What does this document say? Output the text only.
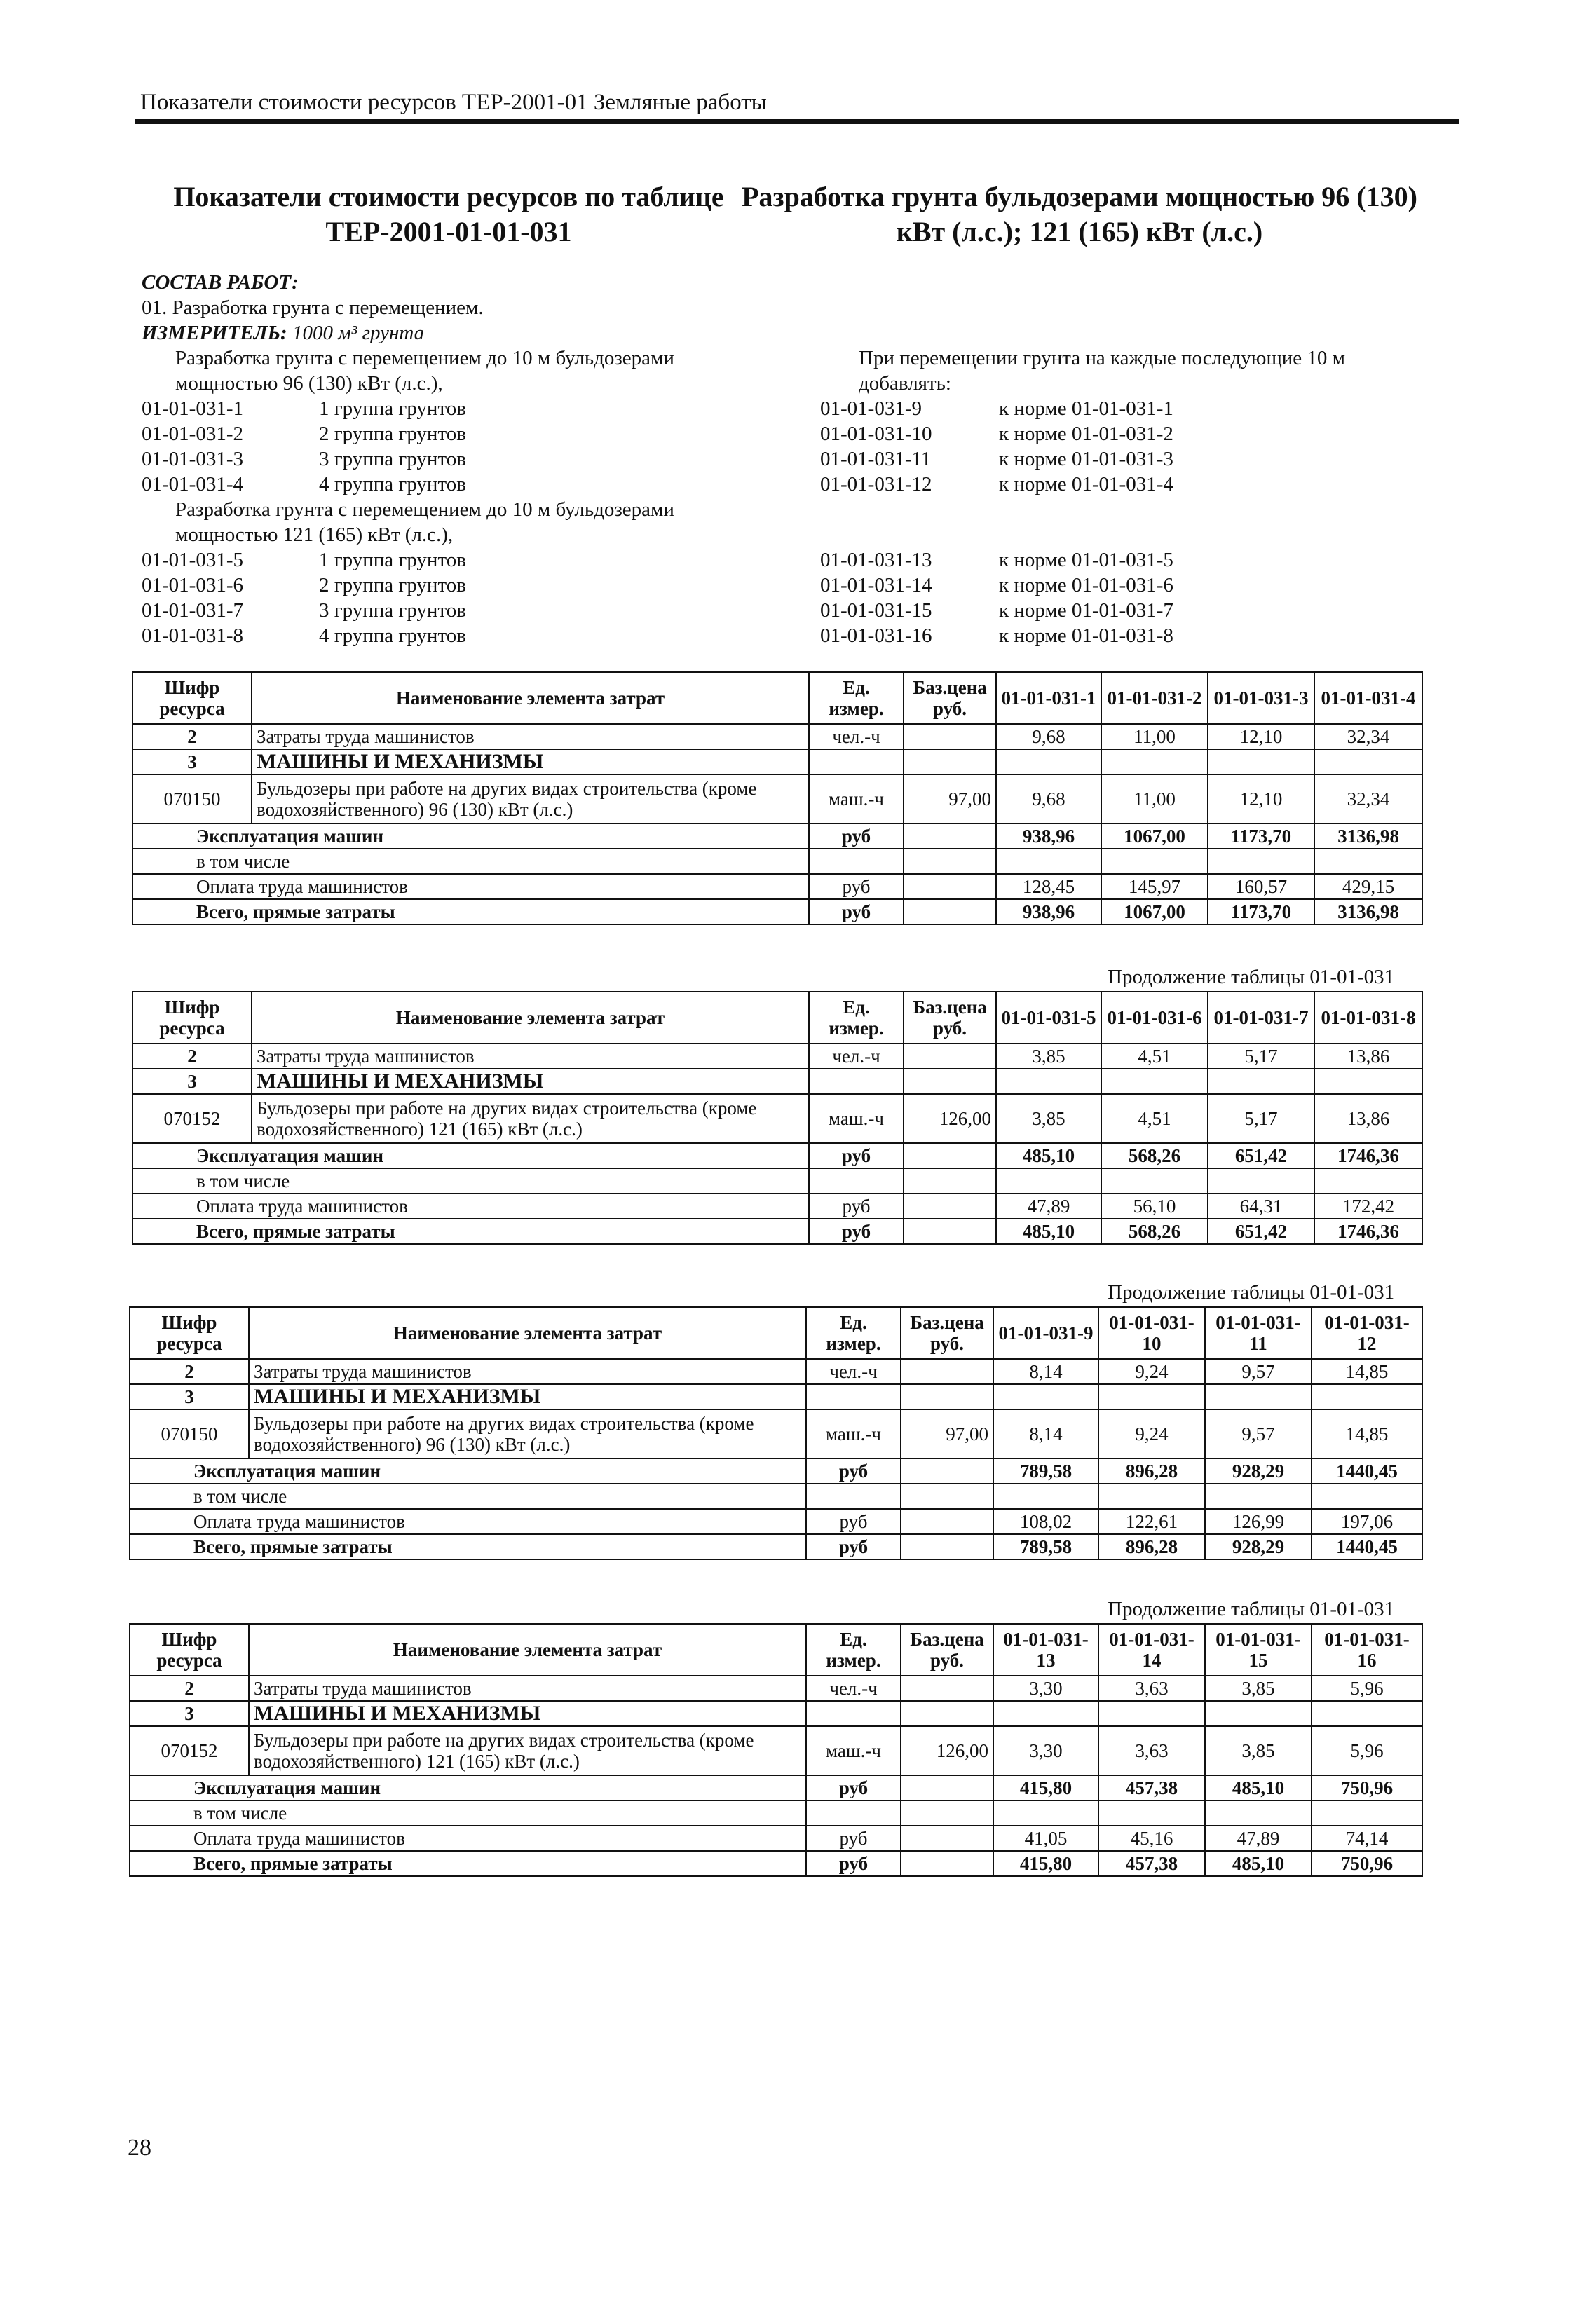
Показатели стоимости ресурсов ТЕР-2001-01 Земляные работы
Показатели стоимости ресурсов по таблице ТЕР-2001-01-01-031
Разработка грунта бульдозерами мощностью 96 (130) кВт (л.с.); 121 (165) кВт (л.с.)
СОСТАВ РАБОТ:
01. Разработка грунта с перемещением.
ИЗМЕРИТЕЛЬ: 1000 м³ грунта
Разработка грунта с перемещением до 10 м бульдозерами
мощностью 96 (130) кВт (л.с.),
01-01-031-1	1 группа грунтов
01-01-031-2	2 группа грунтов
01-01-031-3	3 группа грунтов
01-01-031-4	4 группа грунтов
Разработка грунта с перемещением до 10 м бульдозерами
мощностью 121 (165) кВт (л.с.),
01-01-031-5	1 группа грунтов
01-01-031-6	2 группа грунтов
01-01-031-7	3 группа грунтов
01-01-031-8	4 группа грунтов
При перемещении грунта на каждые последующие 10 м
добавлять:
01-01-031-9	к норме 01-01-031-1
01-01-031-10	к норме 01-01-031-2
01-01-031-11	к норме 01-01-031-3
01-01-031-12	к норме 01-01-031-4
01-01-031-13	к норме 01-01-031-5
01-01-031-14	к норме 01-01-031-6
01-01-031-15	к норме 01-01-031-7
01-01-031-16	к норме 01-01-031-8
Шифр ресурса	Наименование элемента затрат	Ед. измер.	Баз.цена руб.	01-01-031-1	01-01-031-2	01-01-031-3	01-01-031-4
2	Затраты труда машинистов	чел.-ч		9,68	11,00	12,10	32,34
3	МАШИНЫ И МЕХАНИЗМЫ						
070150	Бульдозеры при работе на других видах строительства (кроме водохозяйственного) 96 (130) кВт (л.с.)	маш.-ч	97,00	9,68	11,00	12,10	32,34
Эксплуатация машин		руб		938,96	1067,00	1173,70	3136,98
в том числе							
Оплата труда машинистов		руб		128,45	145,97	160,57	429,15
Всего, прямые затраты		руб		938,96	1067,00	1173,70	3136,98
Продолжение таблицы 01-01-031
Шифр ресурса	Наименование элемента затрат	Ед. измер.	Баз.цена руб.	01-01-031-5	01-01-031-6	01-01-031-7	01-01-031-8
2	Затраты труда машинистов	чел.-ч		3,85	4,51	5,17	13,86
3	МАШИНЫ И МЕХАНИЗМЫ						
070152	Бульдозеры при работе на других видах строительства (кроме водохозяйственного) 121 (165) кВт (л.с.)	маш.-ч	126,00	3,85	4,51	5,17	13,86
Эксплуатация машин		руб		485,10	568,26	651,42	1746,36
в том числе							
Оплата труда машинистов		руб		47,89	56,10	64,31	172,42
Всего, прямые затраты		руб		485,10	568,26	651,42	1746,36
Продолжение таблицы 01-01-031
Шифр ресурса	Наименование элемента затрат	Ед. измер.	Баз.цена руб.	01-01-031-9	01-01-031-10	01-01-031-11	01-01-031-12
2	Затраты труда машинистов	чел.-ч		8,14	9,24	9,57	14,85
3	МАШИНЫ И МЕХАНИЗМЫ						
070150	Бульдозеры при работе на других видах строительства (кроме водохозяйственного) 96 (130) кВт (л.с.)	маш.-ч	97,00	8,14	9,24	9,57	14,85
Эксплуатация машин		руб		789,58	896,28	928,29	1440,45
в том числе							
Оплата труда машинистов		руб		108,02	122,61	126,99	197,06
Всего, прямые затраты		руб		789,58	896,28	928,29	1440,45
Продолжение таблицы 01-01-031
Шифр ресурса	Наименование элемента затрат	Ед. измер.	Баз.цена руб.	01-01-031-13	01-01-031-14	01-01-031-15	01-01-031-16
2	Затраты труда машинистов	чел.-ч		3,30	3,63	3,85	5,96
3	МАШИНЫ И МЕХАНИЗМЫ						
070152	Бульдозеры при работе на других видах строительства (кроме водохозяйственного) 121 (165) кВт (л.с.)	маш.-ч	126,00	3,30	3,63	3,85	5,96
Эксплуатация машин		руб		415,80	457,38	485,10	750,96
в том числе							
Оплата труда машинистов		руб		41,05	45,16	47,89	74,14
Всего, прямые затраты		руб		415,80	457,38	485,10	750,96
28
